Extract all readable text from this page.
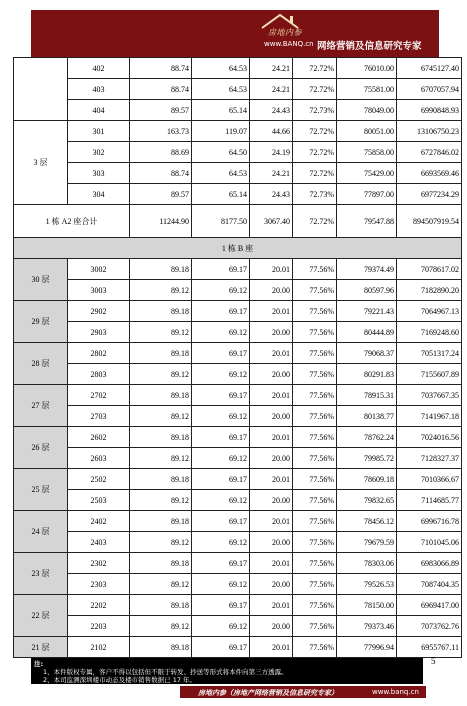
房地内参
www.BANQ.cn 网络营销及信息研究专家
	402	88.74	64.53	24.21	72.72%	76010.00	6745127.40
	403	88.74	64.53	24.21	72.72%	75581.00	6707057.94
	404	89.57	65.14	24.43	72.73%	78049.00	6990848.93
3 层	301	163.73	119.07	44.66	72.72%	80051.00	13106750.23
	302	88.69	64.50	24.19	72.72%	75858.00	6727846.02
	303	88.74	64.53	24.21	72.72%	75429.00	6693569.46
	304	89.57	65.14	24.43	72.73%	77897.00	6977234.29
1 栋 A2 座合计		11244.90	8177.50	3067.40	72.72%	79547.88	894507919.54
1 栋 B 座							
30 层	3002	89.18	69.17	20.01	77.56%	79374.49	7078617.02
	3003	89.12	69.12	20.00	77.56%	80597.96	7182890.20
29 层	2902	89.18	69.17	20.01	77.56%	79221.43	7064967.13
	2903	89.12	69.12	20.00	77.56%	80444.89	7169248.60
28 层	2802	89.18	69.17	20.01	77.56%	79068.37	7051317.24
	2803	89.12	69.12	20.00	77.56%	80291.83	7155607.89
27 层	2702	89.18	69.17	20.01	77.56%	78915.31	7037667.35
	2703	89.12	69.12	20.00	77.56%	80138.77	7141967.18
26 层	2602	89.18	69.17	20.01	77.56%	78762.24	7024016.56
	2603	89.12	69.12	20.00	77.56%	79985.72	7128327.37
25 层	2502	89.18	69.17	20.01	77.56%	78609.18	7010366.67
	2503	89.12	69.12	20.00	77.56%	79832.65	7114685.77
24 层	2402	89.18	69.17	20.01	77.56%	78456.12	6996716.78
	2403	89.12	69.12	20.00	77.56%	79679.59	7101045.06
23 层	2302	89.18	69.17	20.01	77.56%	78303.06	6983066.89
	2303	89.12	69.12	20.00	77.56%	79526.53	7087404.35
22 层	2202	89.18	69.17	20.01	77.56%	78150.00	6969417.00
	2203	89.12	69.12	20.00	77.56%	79373.46	7073762.76
21 层	2102	89.18	69.17	20.01	77.56%	77996.94	6955767.11
注:
1、本件版权专属，客户不得以包括但不限于转发、抄送等形式将本件向第三方透露。
2、本司监测深圳楼市动态及楼市销售数据已 17 年。
5
房地内参（房地产网络营销及信息研究专家）	www.banq.cn
